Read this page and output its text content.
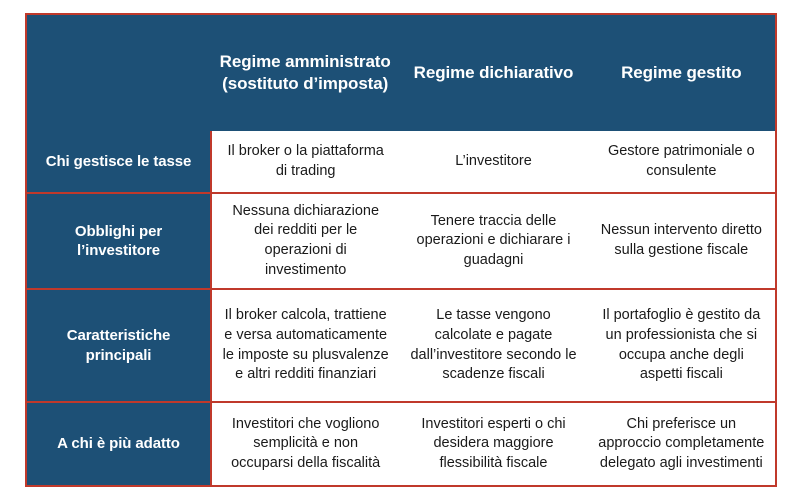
	Regime amministrato (sostituto d’imposta)	Regime dichiarativo	Regime gestito
Chi gestisce le tasse	Il broker o la piattaforma di trading	L’investitore	Gestore patrimoniale o consulente
Obblighi per l’investitore	Nessuna dichiarazione dei redditi per le operazioni di investimento	Tenere traccia delle operazioni e dichiarare i guadagni	Nessun intervento diretto sulla gestione fiscale
Caratteristiche principali	Il broker calcola, trattiene e versa automaticamente le imposte su plusvalenze e altri redditi finanziari	Le tasse vengono calcolate e pagate dall’investitore secondo le scadenze fiscali	Il portafoglio è gestito da un professionista che si occupa anche degli aspetti fiscali
A chi è più adatto	Investitori che vogliono semplicità e non occuparsi della fiscalità	Investitori esperti o chi desidera maggiore flessibilità fiscale	Chi preferisce un approccio completamente delegato agli investimenti
